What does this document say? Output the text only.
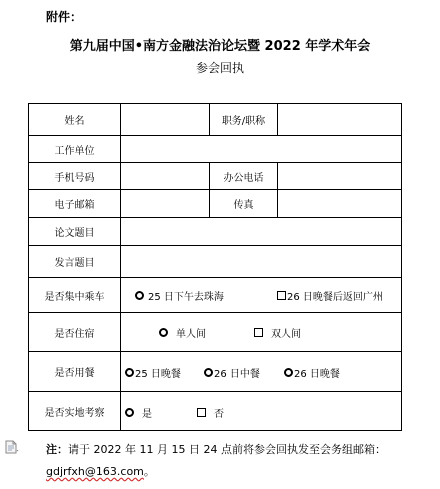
附件：
第九届中国•南方金融法治论坛暨 2022 年学术年会
参会回执
姓名	职务/职称
工作单位
手机号码	办公电话
电子邮箱	传真
论文题目
发言题目
是否集中乘车	25 日下午去珠海	26 日晚餐后返回广州
是否住宿	单人间	双人间
是否用餐	25 日晚餐	26 日中餐	26 日晚餐
是否实地考察	是	否
注：请于 2022 年 11 月 15 日 24 点前将参会回执发至会务组邮箱：
gdjrfxh@163.com。
